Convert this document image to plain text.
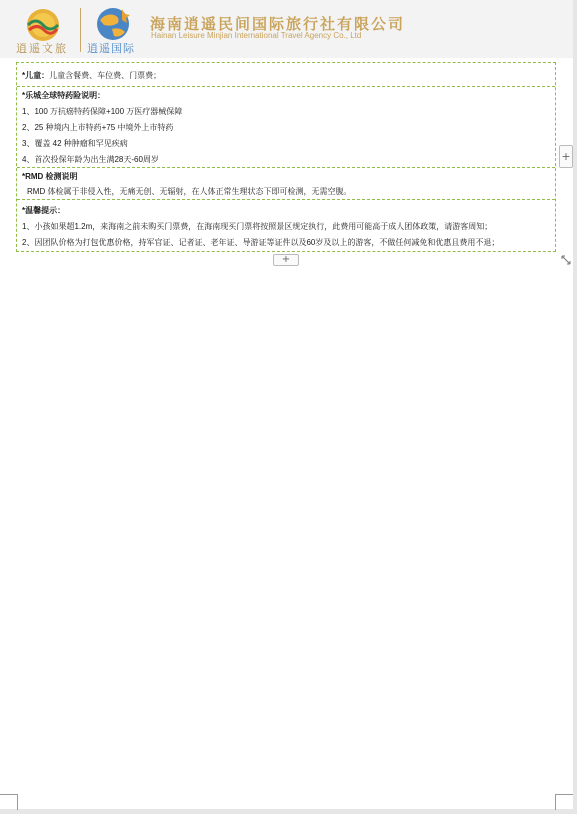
逍遥文旅 逍遥国际
海南逍遥民间国际旅行社有限公司
Hainan Leisure Minjian International Travel Agency Co., Ltd
*儿童：儿童含餐费、车位费、门票费；
*乐城全球特药险说明：
1、100 万抗癌特药保障+100 万医疗器械保障
2、25 种境内上市特药+75 中境外上市特药
3、覆盖 42 种肿瘤和罕见疾病
4、首次投保年龄为出生满28天-60周岁
*RMD 检测说明
RMD 体检属于非侵入性，无痛无创、无辐射，在人体正常生理状态下即可检测，无需空腹。
*温馨提示：
1、小孩如果超1.2m，来海南之前未购买门票费，在海南现买门票将按照景区规定执行，此费用可能高于成人团体政策，请游客周知；
2、因团队价格为打包优惠价格，持军官证、记者证、老年证、导游证等证件以及60岁及以上的游客，不做任何减免和优惠且费用不退；
+
+
